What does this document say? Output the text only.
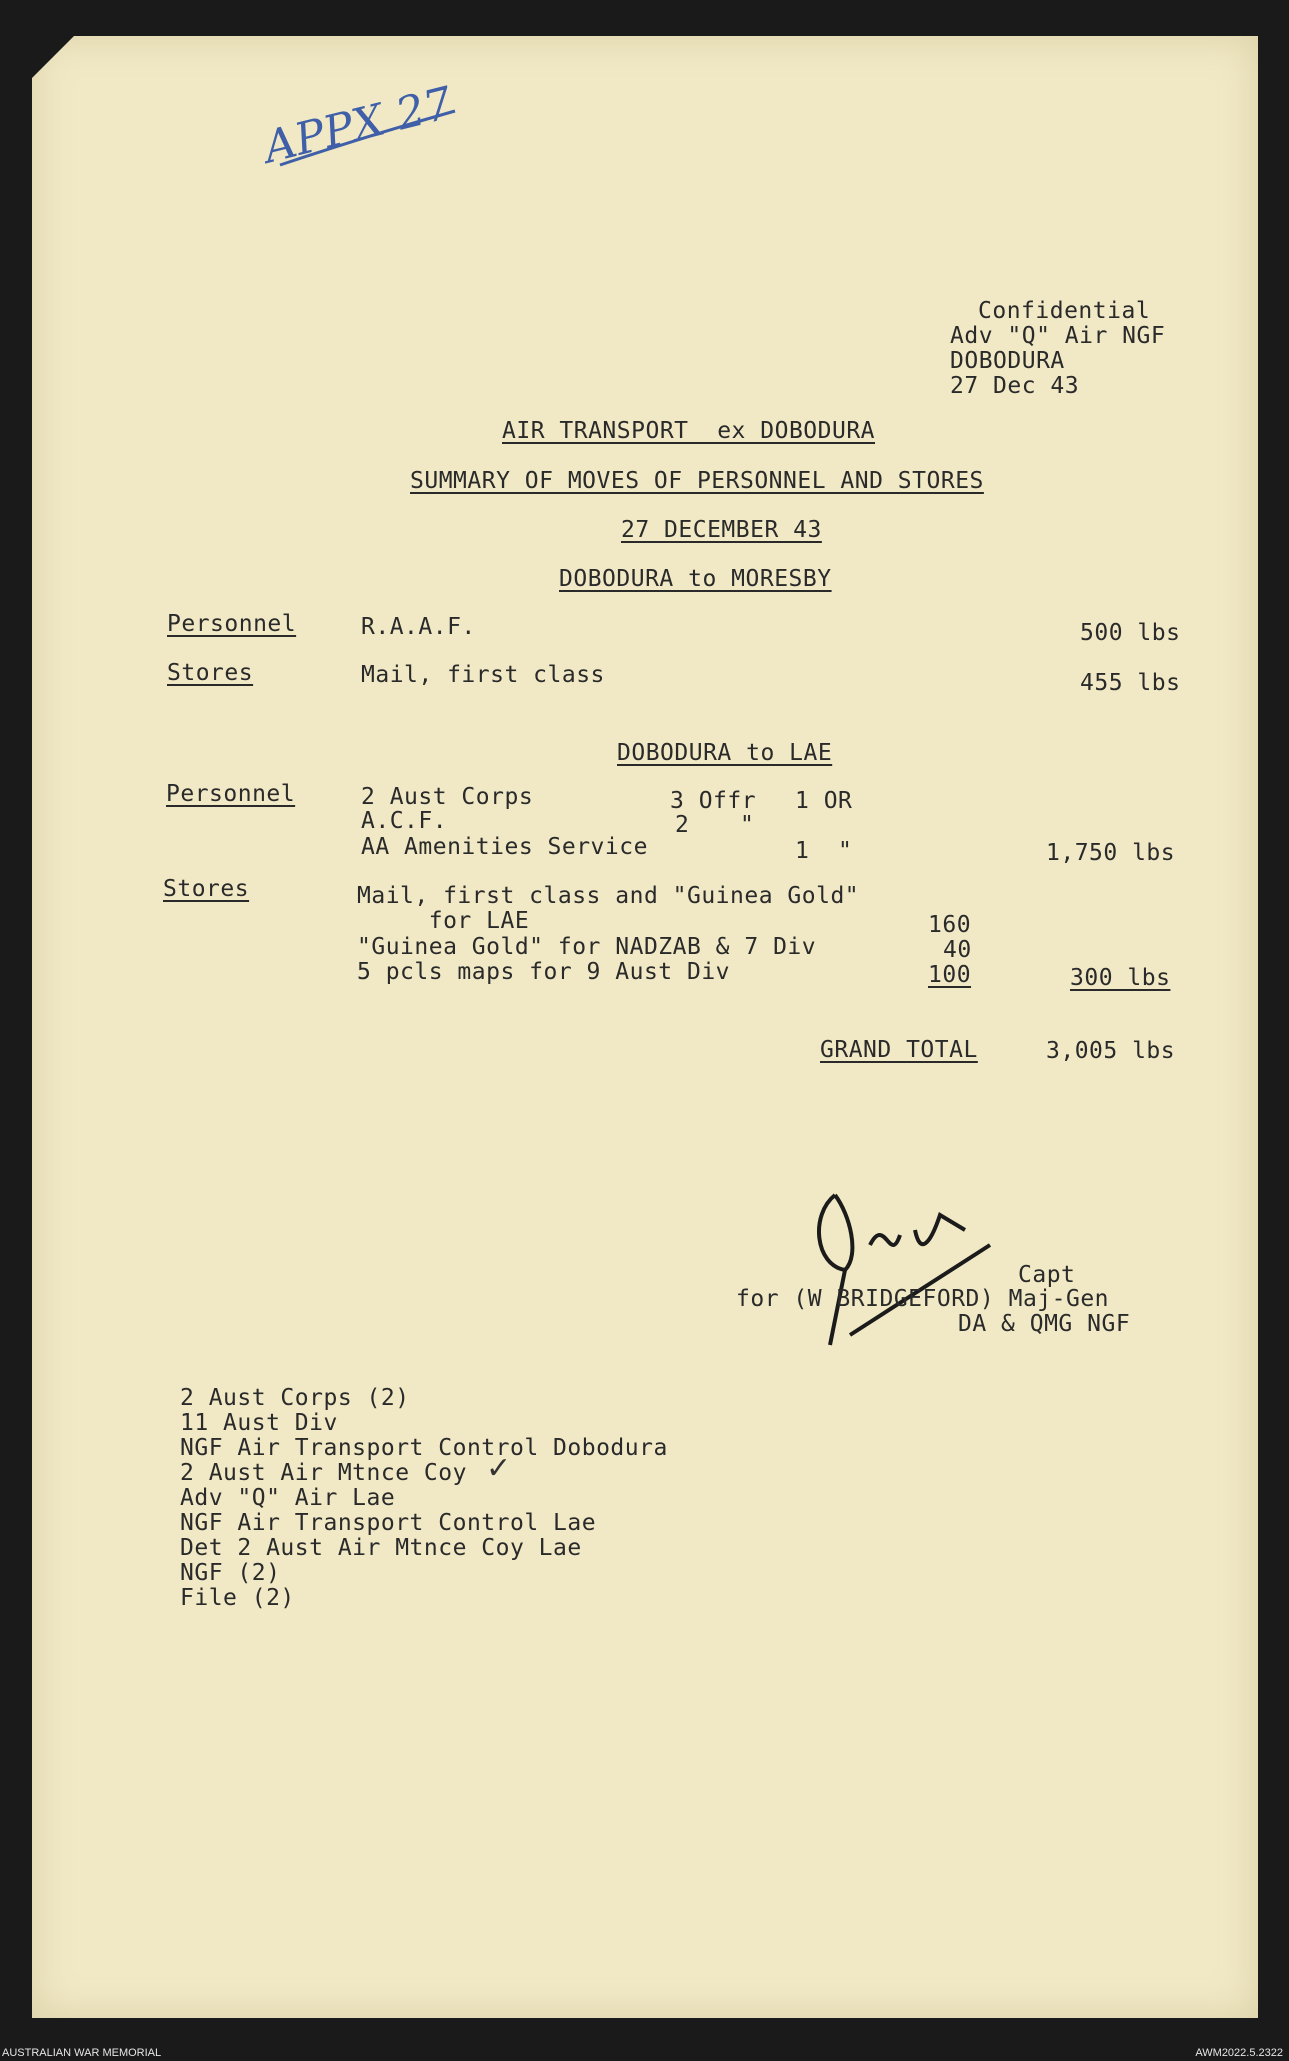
APPX 27
Confidential
Adv "Q" Air NGF
DOBODURA
27 Dec 43
AIR TRANSPORT  ex DOBODURA
SUMMARY OF MOVES OF PERSONNEL AND STORES
27 DECEMBER 43
DOBODURA to MORESBY
Personnel	R.A.A.F.	500 lbs
Stores	Mail, first class	455 lbs
DOBODURA to LAE
Personnel	2 Aust Corps	3 Offr 1 OR
A.C.F.	2 "
AA Amenities Service	1  "	1,750 lbs
Stores	Mail, first class and "Guinea Gold"
for LAE	160
"Guinea Gold" for NADZAB & 7 Div	40
5 pcls maps for 9 Aust Div	100	300 lbs
GRAND TOTAL	3,005 lbs
Capt
for (W BRIDGEFORD) Maj-Gen
DA & QMG NGF
2 Aust Corps (2)
11 Aust Div
NGF Air Transport Control Dobodura
2 Aust Air Mtnce Coy ✓
Adv "Q" Air Lae
NGF Air Transport Control Lae
Det 2 Aust Air Mtnce Coy Lae
NGF (2)
File (2)
AUSTRALIAN WAR MEMORIAL	AWM2022.5.2322
